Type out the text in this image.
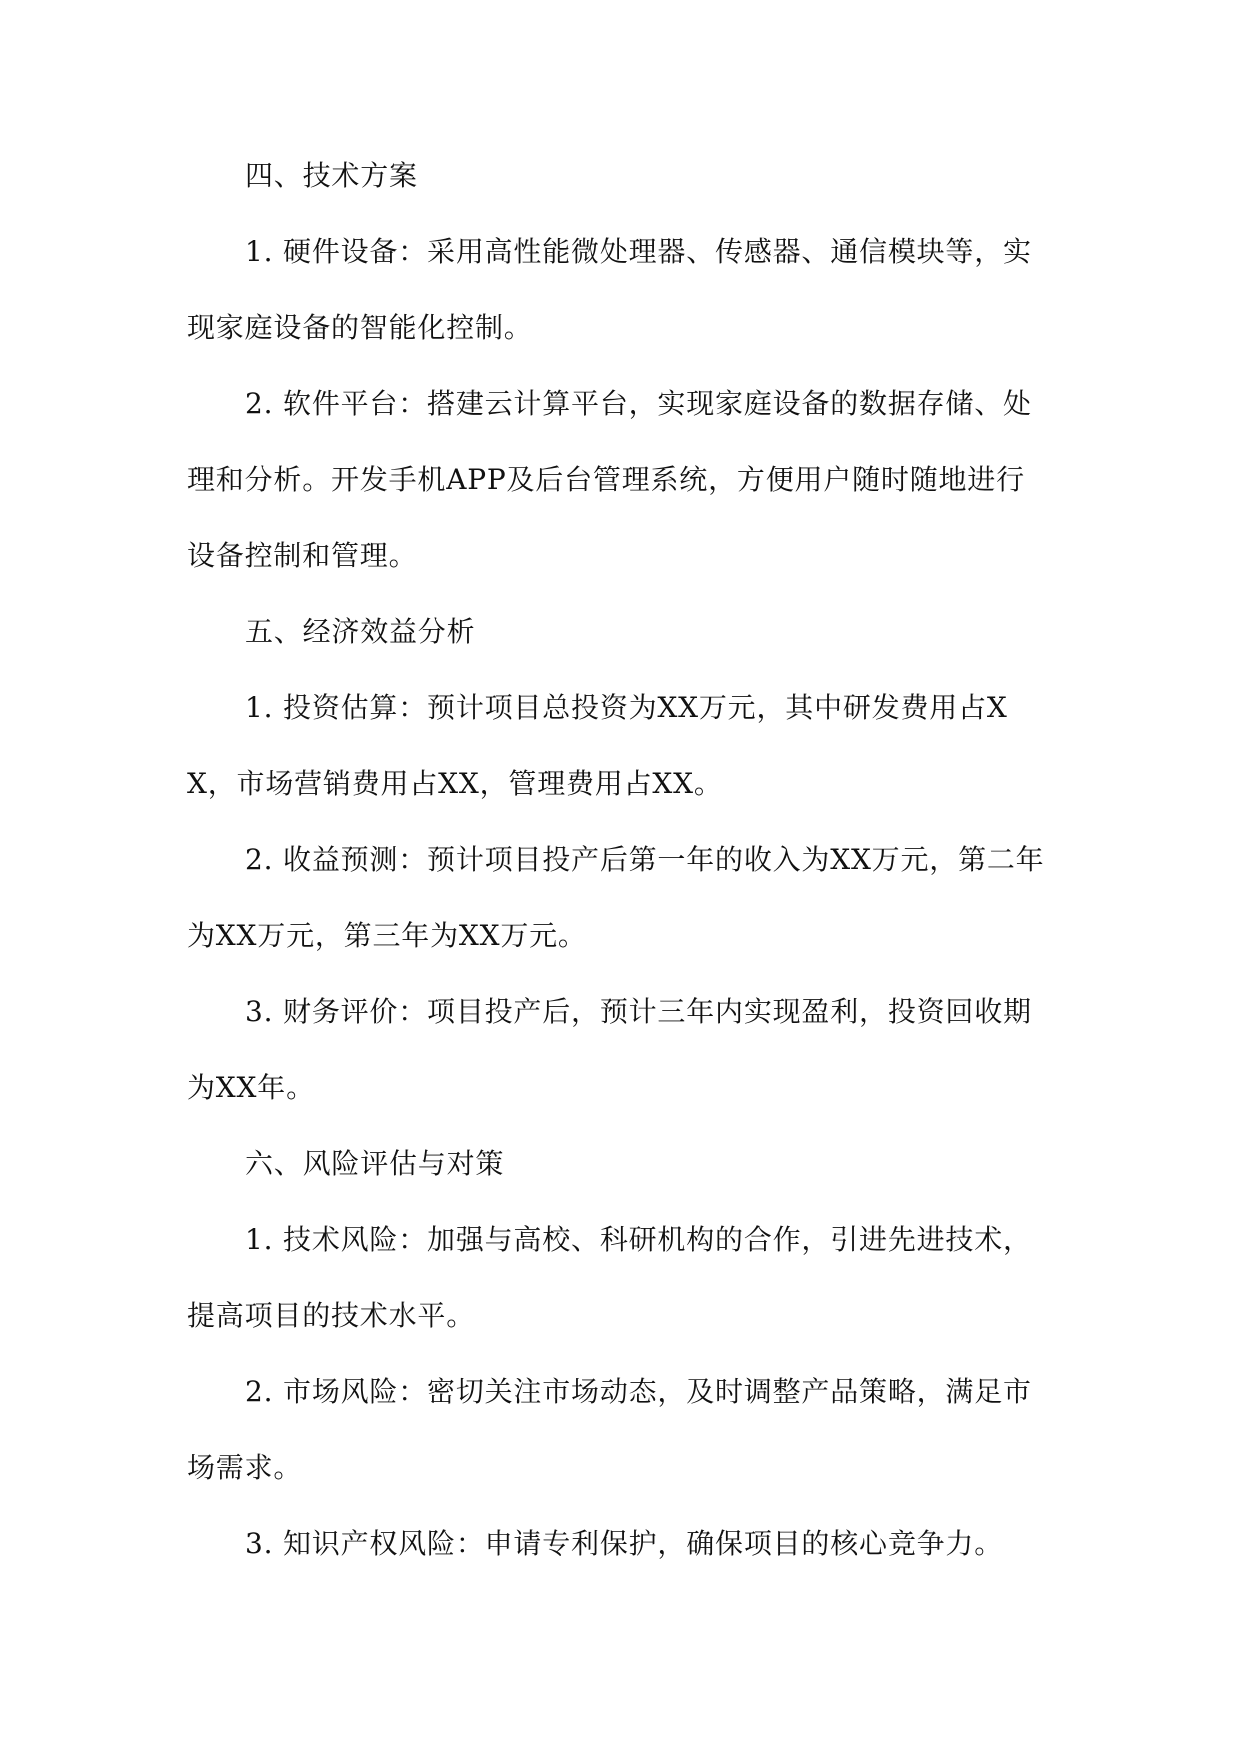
四、技术方案

1. 硬件设备：采用高性能微处理器、传感器、通信模块等，实现家庭设备的智能化控制。

2. 软件平台：搭建云计算平台，实现家庭设备的数据存储、处理和分析。开发手机APP及后台管理系统，方便用户随时随地进行设备控制和管理。

五、经济效益分析

1. 投资估算：预计项目总投资为XX万元，其中研发费用占XX，市场营销费用占XX，管理费用占XX。

2. 收益预测：预计项目投产后第一年的收入为XX万元，第二年为XX万元，第三年为XX万元。

3. 财务评价：项目投产后，预计三年内实现盈利，投资回收期为XX年。

六、风险评估与对策

1. 技术风险：加强与高校、科研机构的合作，引进先进技术，提高项目的技术水平。

2. 市场风险：密切关注市场动态，及时调整产品策略，满足市场需求。

3. 知识产权风险：申请专利保护，确保项目的核心竞争力。
